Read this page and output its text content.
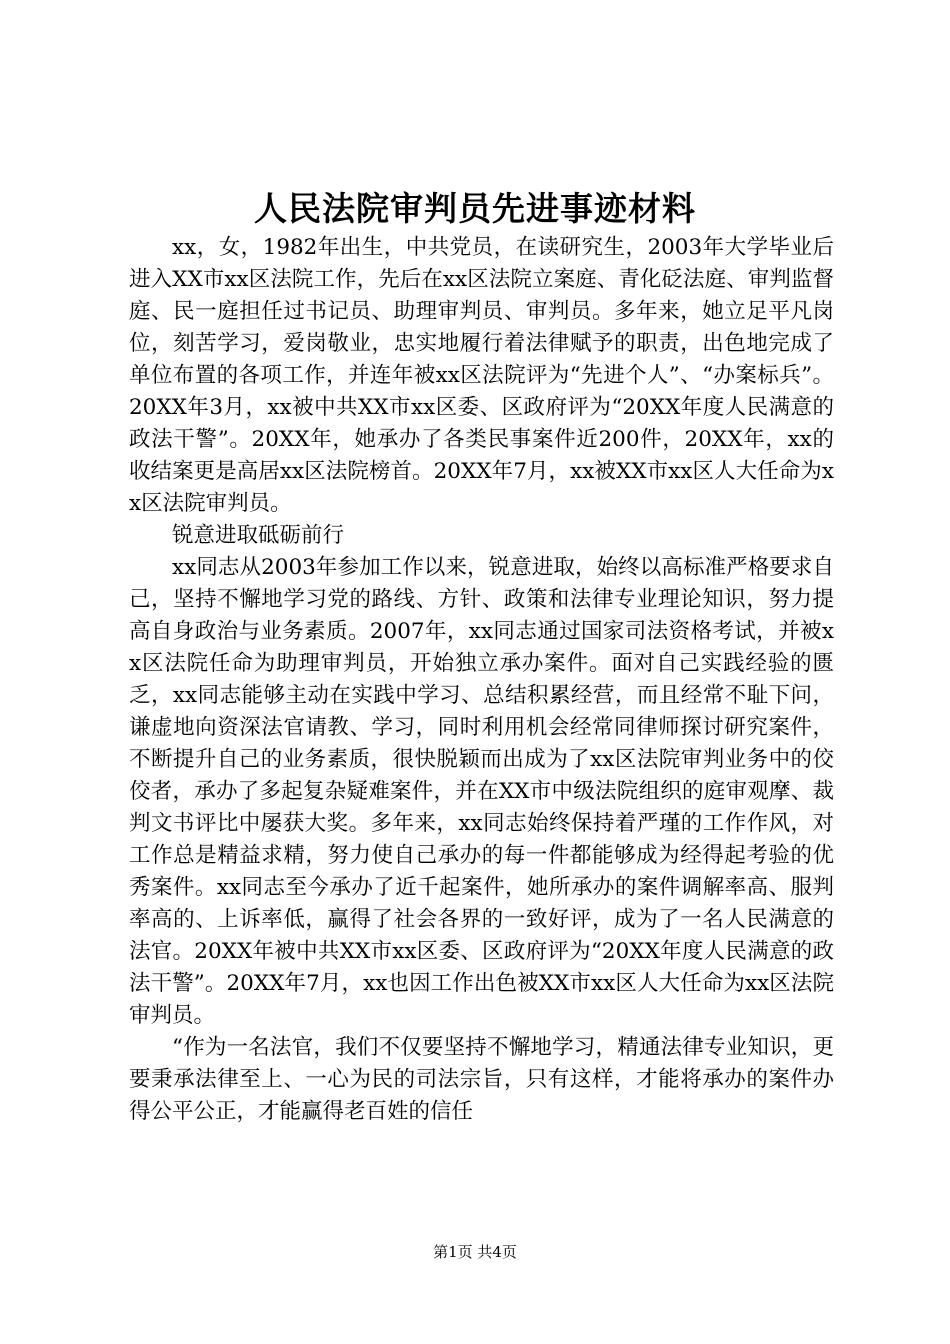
人民法院审判员先进事迹材料

xx，女，1982年出生，中共党员，在读研究生，2003年大学毕业后进入XX市xx区法院工作，先后在xx区法院立案庭、青化砭法庭、审判监督庭、民一庭担任过书记员、助理审判员、审判员。多年来，她立足平凡岗位，刻苦学习，爱岗敬业，忠实地履行着法律赋予的职责，出色地完成了单位布置的各项工作，并连年被xx区法院评为“先进个人”、“办案标兵”。20XX年3月，xx被中共XX市xx区委、区政府评为“20XX年度人民满意的政法干警”。20XX年，她承办了各类民事案件近200件，20XX年，xx的收结案更是高居xx区法院榜首。20XX年7月，xx被XX市xx区人大任命为xx区法院审判员。

锐意进取砥砺前行

xx同志从2003年参加工作以来，锐意进取，始终以高标准严格要求自己，坚持不懈地学习党的路线、方针、政策和法律专业理论知识，努力提高自身政治与业务素质。2007年，xx同志通过国家司法资格考试，并被xx区法院任命为助理审判员，开始独立承办案件。面对自己实践经验的匮乏，xx同志能够主动在实践中学习、总结积累经营，而且经常不耻下问，谦虚地向资深法官请教、学习，同时利用机会经常同律师探讨研究案件，不断提升自己的业务素质，很快脱颖而出成为了xx区法院审判业务中的佼佼者，承办了多起复杂疑难案件，并在XX市中级法院组织的庭审观摩、裁判文书评比中屡获大奖。多年来，xx同志始终保持着严瑾的工作作风，对工作总是精益求精，努力使自己承办的每一件都能够成为经得起考验的优秀案件。xx同志至今承办了近千起案件，她所承办的案件调解率高、服判率高的、上诉率低，赢得了社会各界的一致好评，成为了一名人民满意的法官。20XX年被中共XX市xx区委、区政府评为“20XX年度人民满意的政法干警”。20XX年7月，xx也因工作出色被XX市xx区人大任命为xx区法院审判员。

“作为一名法官，我们不仅要坚持不懈地学习，精通法律专业知识，更要秉承法律至上、一心为民的司法宗旨，只有这样，才能将承办的案件办得公平公正，才能赢得老百姓的信任

第1页 共4页
